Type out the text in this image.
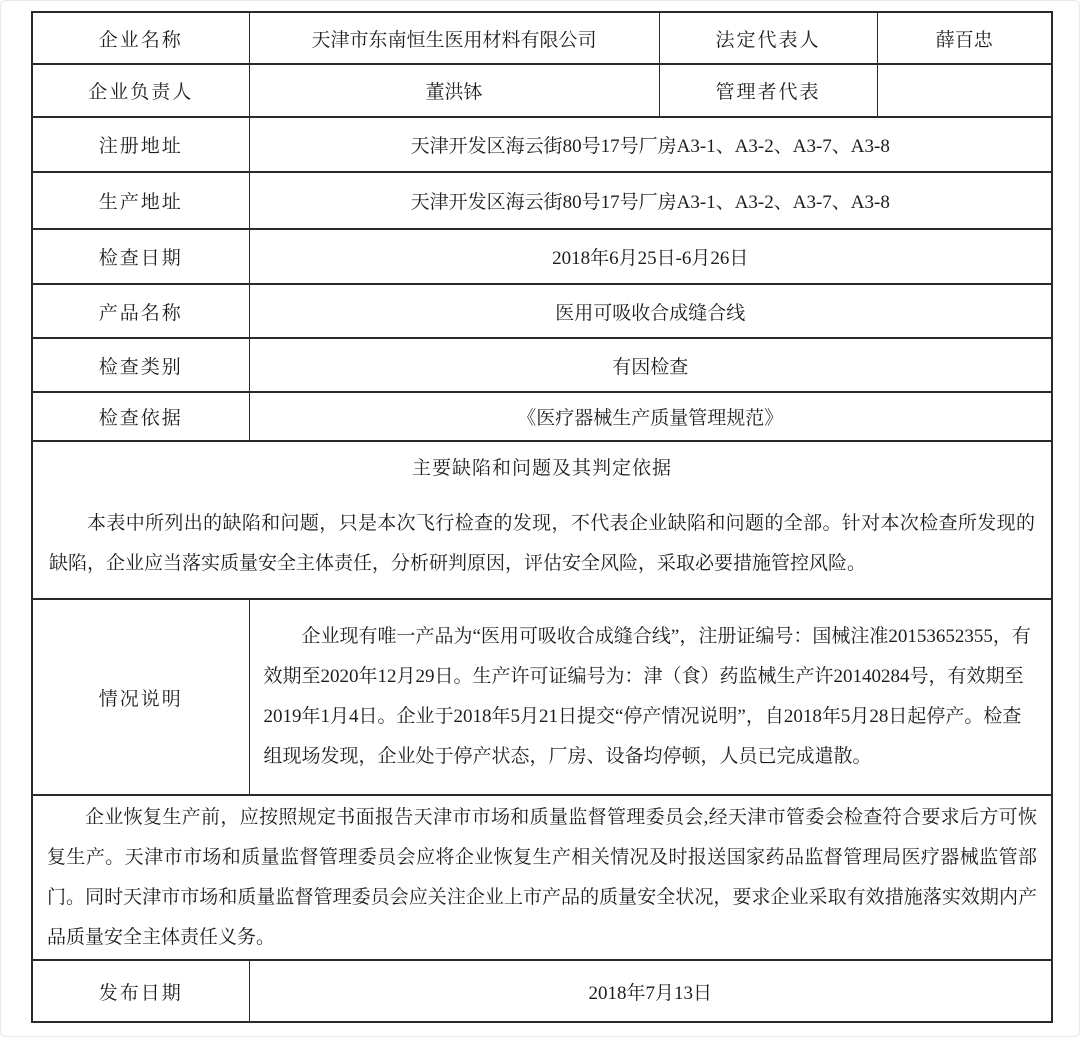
企业名称	天津市东南恒生医用材料有限公司	法定代表人	薛百忠
企业负责人	董洪钵	管理者代表	
注册地址	天津开发区海云街80号17号厂房A3-1、A3-2、A3-7、A3-8		
生产地址	天津开发区海云街80号17号厂房A3-1、A3-2、A3-7、A3-8		
检查日期	2018年6月25日-6月26日		
产品名称	医用可吸收合成缝合线		
检查类别	有因检查		
检查依据	《医疗器械生产质量管理规范》		

主要缺陷和问题及其判定依据
本表中所列出的缺陷和问题，只是本次飞行检查的发现，不代表企业缺陷和问题的全部。针对本次检查所发现的缺陷，企业应当落实质量安全主体责任，分析研判原因，评估安全风险，采取必要措施管控风险。			

情况说明	企业现有唯一产品为“医用可吸收合成缝合线”，注册证编号：国械注准20153652355，有效期至2020年12月29日。生产许可证编号为：津（食）药监械生产许20140284号，有效期至2019年1月4日。企业于2018年5月21日提交“停产情况说明”，自2018年5月28日起停产。检查组现场发现，企业处于停产状态，厂房、设备均停顿，人员已完成遣散。		

企业恢复生产前，应按照规定书面报告天津市市场和质量监督管理委员会,经天津市管委会检查符合要求后方可恢复生产。天津市市场和质量监督管理委员会应将企业恢复生产相关情况及时报送国家药品监督管理局医疗器械监管部门。同时天津市市场和质量监督管理委员会应关注企业上市产品的质量安全状况，要求企业采取有效措施落实效期内产品质量安全主体责任义务。			

发布日期	2018年7月13日		
